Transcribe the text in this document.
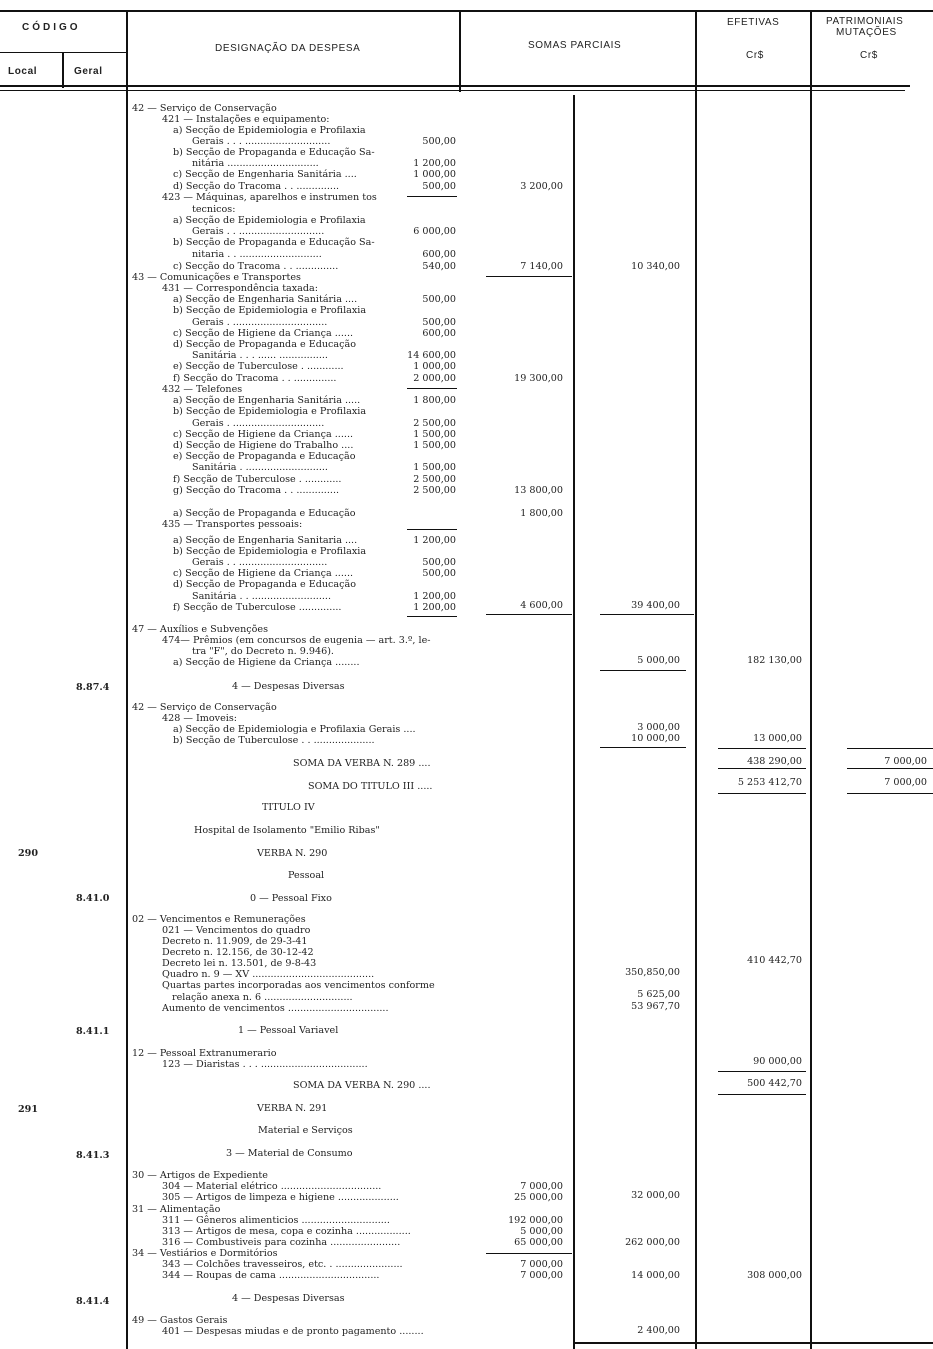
CÓDIGO
Local	Geral
DESIGNAÇÃO DA DESPESA	SOMAS PARCIAIS
EFETIVAS
Cr$
PATRIMONIAIS
MUTAÇÕES
Cr$
8.87.4
290
8.41.0
8.41.1
291
8.41.3
8.41.4
42 — Serviço de Conservação
421 — Instalações e equipamento:
a) Secção de Epidemiologia e Profilaxia
Gerais . . . ............................
b) Secção de Propaganda e Educação Sa-
nitária ..............................
c) Secção de Engenharia Sanitária ....
d) Secção do Tracoma . . ..............
423 — Máquinas, aparelhos e instrumen tos
tecnicos:
a) Secção de Epidemiologia e Profilaxia
Gerais . . ............................
b) Secção de Propaganda e Educação Sa-
nitaria . . ...........................
c) Secção do Tracoma . . ..............
43 — Comunicações e Transportes
431 — Correspondência taxada:
a) Secção de Engenharia Sanitária ....
b) Secção de Epidemiologia e Profilaxia
Gerais . ...............................
c) Secção de Higiene da Criança ......
d) Secção de Propaganda e Educação
Sanitária . . . ...... ................
e) Secção de Tuberculose . ............
f) Secção do Tracoma . . ..............
432 — Telefones
a) Secção de Engenharia Sanitária .....
b) Secção de Epidemiologia e Profilaxia
Gerais . ..............................
c) Secção de Higiene da Criança ......
d) Secção de Higiene do Trabalho ....
e) Secção de Propaganda e Educação
Sanitária . ...........................
f) Secção de Tuberculose . ............
g) Secção do Tracoma . . ..............
a) Secção de Propaganda e Educação
435 — Transportes pessoais:
a) Secção de Engenharia Sanitaria ....
b) Secção de Epidemiologia e Profilaxia
Gerais . . .............................
c) Secção de Higiene da Criança ......
d) Secção de Propaganda e Educação
Sanitária . . ..........................
f) Secção de Tuberculose ..............
47 — Auxílios e Subvenções
474— Prêmios (em concursos de eugenia — art. 3.º, le-
tra "F", do Decreto n. 9.946).
a) Secção de Higiene da Criança ........
4 — Despesas Diversas
42 — Serviço de Conservação
428 — Imoveis:
a) Secção de Epidemiologia e Profilaxia Gerais ....
b) Secção de Tuberculose . . ....................
SOMA DA VERBA N. 289 ....
SOMA DO TITULO III .....
TITULO IV
Hospital de Isolamento "Emilio Ribas"
VERBA N. 290
Pessoal
0 — Pessoal Fixo
02 — Vencimentos e Remunerações
021 — Vencimentos do quadro
Decreto n. 11.909, de 29-3-41
Decreto n. 12.156, de 30-12-42
Decreto lei n. 13.501, de 9-8-43
Quadro n. 9 — XV ........................................
Quartas partes incorporadas aos vencimentos conforme
relação anexa n. 6 .............................
Aumento de vencimentos .................................
1 — Pessoal Variavel
12 — Pessoal Extranumerario
123 — Diaristas . . . ...................................
SOMA DA VERBA N. 290 ....
VERBA N. 291
Material e Serviços
3 — Material de Consumo
30 — Artigos de Expediente
304 — Material elétrico .................................
305 — Artigos de limpeza e higiene ....................
31 — Alimentação
311 — Gêneros alimenticios .............................
313 — Artigos de mesa, copa e cozinha ..................
316 — Combustiveis para cozinha .......................
34 — Vestiários e Dormitórios
343 — Colchões travesseiros, etc. . ......................
344 — Roupas de cama .................................
4 — Despesas Diversas
49 — Gastos Gerais
401 — Despesas miudas e de pronto pagamento ........
500,00
1 200,00
1 000,00
500,00
6 000,00
600,00
540,00
500,00
500,00
600,00
14 600,00
1 000,00
2 000,00
1 800,00
2 500,00
1 500,00
1 500,00
1 500,00
2 500,00
2 500,00
1 200,00
500,00
500,00
1 200,00
1 200,00
7 000,00
25 000,00
192 000,00
5 000,00
65 000,00
7 000,00
7 000,00
3 200,00
7 140,00
19 300,00
13 800,00
1 800,00
4 600,00
5 000,00
3 000,00
10 000,00
350,850,00
5 625,00
53 967,70
32 000,00
262 000,00
14 000,00
2 400,00
10 340,00
39 400,00
182 130,00
13 000,00
438 290,00
5 253 412,70
410 442,70
90 000,00
500 442,70
308 000,00
7 000,00
7 000,00
